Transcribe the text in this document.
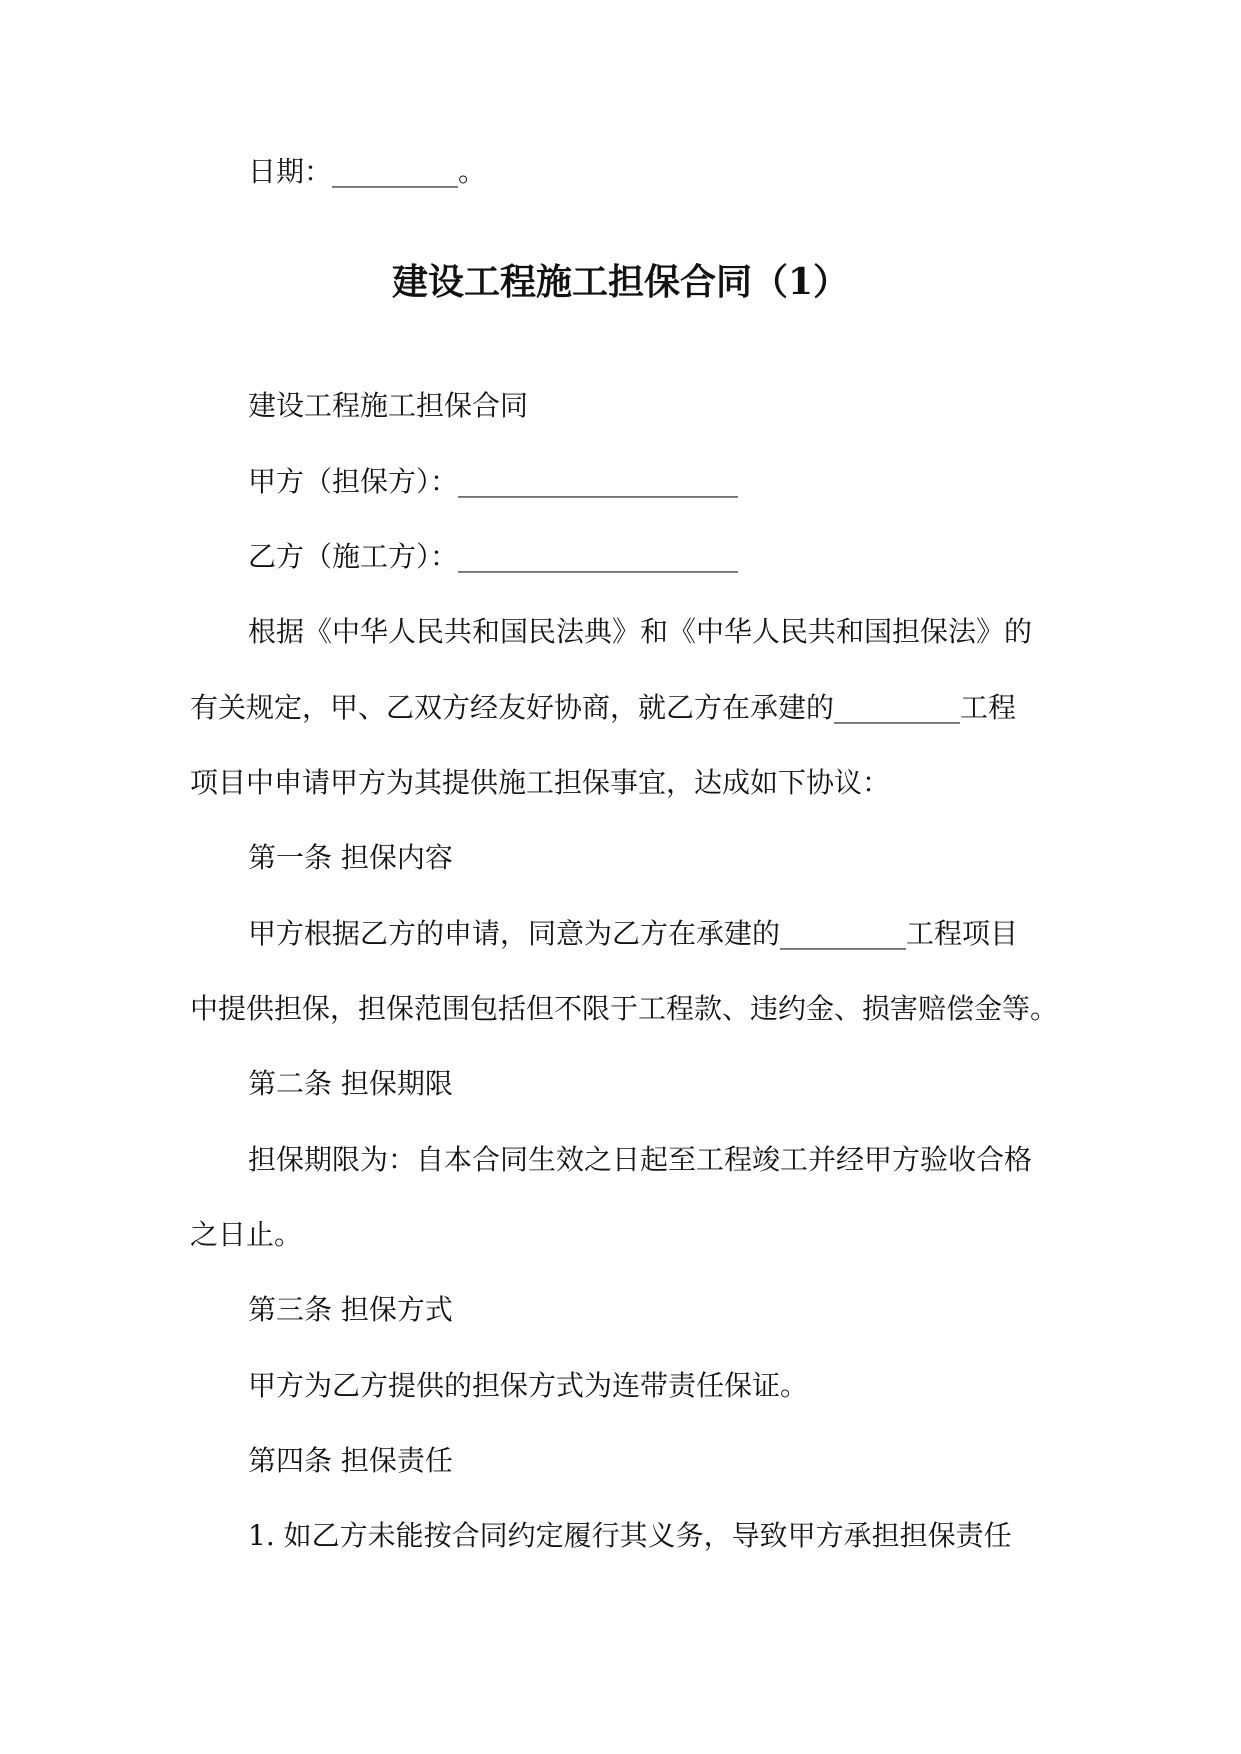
日期：_________。
建设工程施工担保合同（1）
建设工程施工担保合同
甲方（担保方）：____________________
乙方（施工方）：____________________
根据《中华人民共和国民法典》和《中华人民共和国担保法》的
有关规定，甲、乙双方经友好协商，就乙方在承建的_________工程
项目中申请甲方为其提供施工担保事宜，达成如下协议：
第一条 担保内容
甲方根据乙方的申请，同意为乙方在承建的_________工程项目
中提供担保，担保范围包括但不限于工程款、违约金、损害赔偿金等。
第二条 担保期限
担保期限为：自本合同生效之日起至工程竣工并经甲方验收合格
之日止。
第三条 担保方式
甲方为乙方提供的担保方式为连带责任保证。
第四条 担保责任
1. 如乙方未能按合同约定履行其义务，导致甲方承担担保责任
